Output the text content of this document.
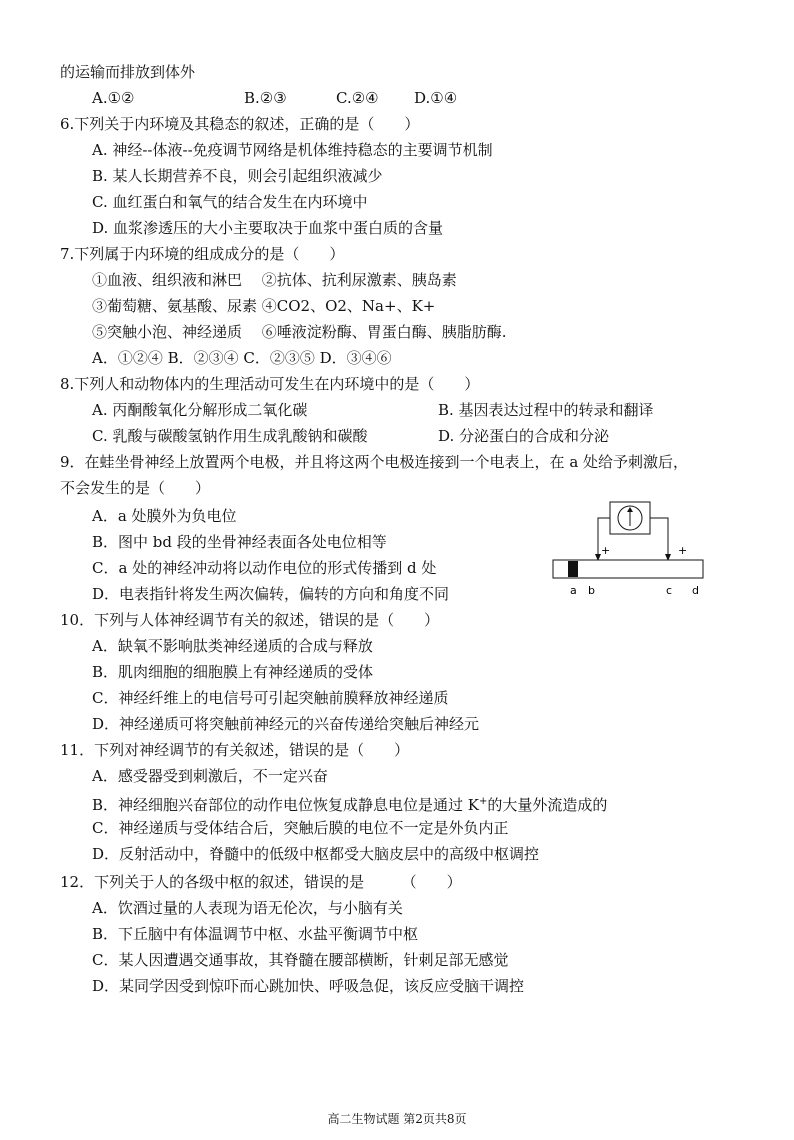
的运输而排放到体外
A.①②	B.②③	C.②④ D.①④
6.下列关于内环境及其稳态的叙述，正确的是（　　）
A. 神经--体液--免疫调节网络是机体维持稳态的主要调节机制
B. 某人长期营养不良，则会引起组织液减少
C. 血红蛋白和氧气的结合发生在内环境中
D. 血浆渗透压的大小主要取决于血浆中蛋白质的含量
7.下列属于内环境的组成成分的是（　　）
①血液、组织液和淋巴　 ②抗体、抗利尿激素、胰岛素
③葡萄糖、氨基酸、尿素 ④CO2、O2、Na+、K+
⑤突触小泡、神经递质　 ⑥唾液淀粉酶、胃蛋白酶、胰脂肪酶.
A．①②④ B．②③④ C．②③⑤ D．③④⑥
8.下列人和动物体内的生理活动可发生在内环境中的是（　　）
A. 丙酮酸氧化分解形成二氧化碳	B. 基因表达过程中的转录和翻译
C. 乳酸与碳酸氢钠作用生成乳酸钠和碳酸	D. 分泌蛋白的合成和分泌
9．在蛙坐骨神经上放置两个电极，并且将这两个电极连接到一个电表上，在 a 处给予刺激后，
不会发生的是（　　）
A．a 处膜外为负电位
B．图中 bd 段的坐骨神经表面各处电位相等
C．a 处的神经冲动将以动作电位的形式传播到 d 处
D．电表指针将发生两次偏转，偏转的方向和角度不同
+	+
a b	c d
10．下列与人体神经调节有关的叙述，错误的是（　　）
A．缺氧不影响肽类神经递质的合成与释放
B．肌肉细胞的细胞膜上有神经递质的受体
C．神经纤维上的电信号可引起突触前膜释放神经递质
D．神经递质可将突触前神经元的兴奋传递给突触后神经元
11．下列对神经调节的有关叙述，错误的是（　　）
A．感受器受到刺激后，不一定兴奋
B．神经细胞兴奋部位的动作电位恢复成静息电位是通过 K+的大量外流造成的
C．神经递质与受体结合后，突触后膜的电位不一定是外负内正
D．反射活动中，脊髓中的低级中枢都受大脑皮层中的高级中枢调控
12．下列关于人的各级中枢的叙述，错误的是　　　（　　）
A．饮酒过量的人表现为语无伦次，与小脑有关
B．下丘脑中有体温调节中枢、水盐平衡调节中枢
C．某人因遭遇交通事故，其脊髓在腰部横断，针刺足部无感觉
D．某同学因受到惊吓而心跳加快、呼吸急促，该反应受脑干调控
高二生物试题 第2页共8页
